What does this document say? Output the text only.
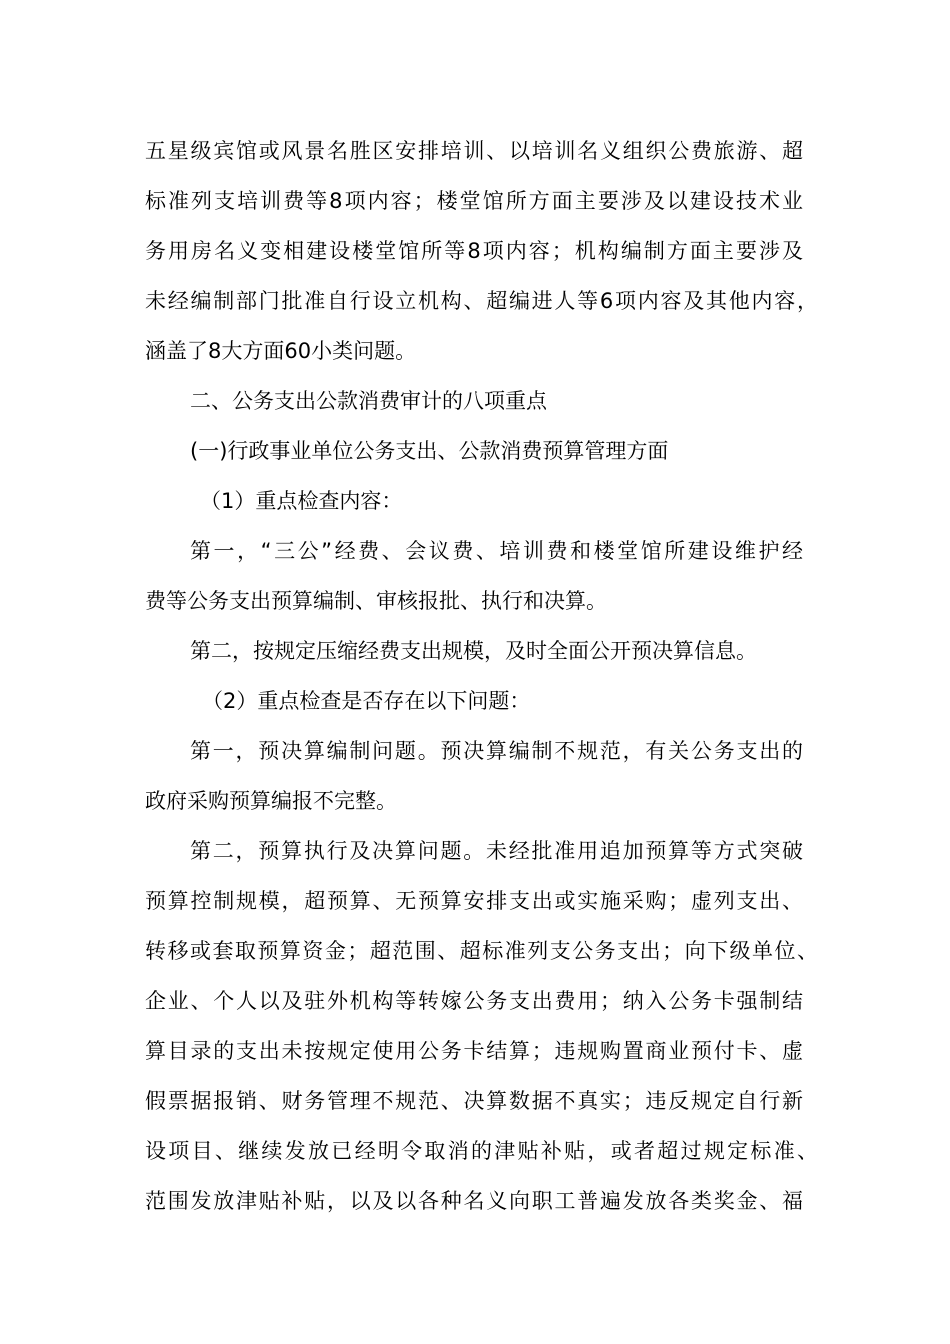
五星级宾馆或风景名胜区安排培训、以培训名义组织公费旅游、超
标准列支培训费等8项内容；楼堂馆所方面主要涉及以建设技术业
务用房名义变相建设楼堂馆所等8项内容；机构编制方面主要涉及
未经编制部门批准自行设立机构、超编进人等6项内容及其他内容，
涵盖了8大方面60小类问题。
二、公务支出公款消费审计的八项重点
(一)行政事业单位公务支出、公款消费预算管理方面
（1）重点检查内容：
第一，“三公”经费、会议费、培训费和楼堂馆所建设维护经
费等公务支出预算编制、审核报批、执行和决算。
第二，按规定压缩经费支出规模，及时全面公开预决算信息。
（2）重点检查是否存在以下问题：
第一，预决算编制问题。预决算编制不规范，有关公务支出的
政府采购预算编报不完整。
第二，预算执行及决算问题。未经批准用追加预算等方式突破
预算控制规模，超预算、无预算安排支出或实施采购；虚列支出、
转移或套取预算资金；超范围、超标准列支公务支出；向下级单位、
企业、个人以及驻外机构等转嫁公务支出费用；纳入公务卡强制结
算目录的支出未按规定使用公务卡结算；违规购置商业预付卡、虚
假票据报销、财务管理不规范、决算数据不真实；违反规定自行新
设项目、继续发放已经明令取消的津贴补贴，或者超过规定标准、
范围发放津贴补贴，以及以各种名义向职工普遍发放各类奖金、福
